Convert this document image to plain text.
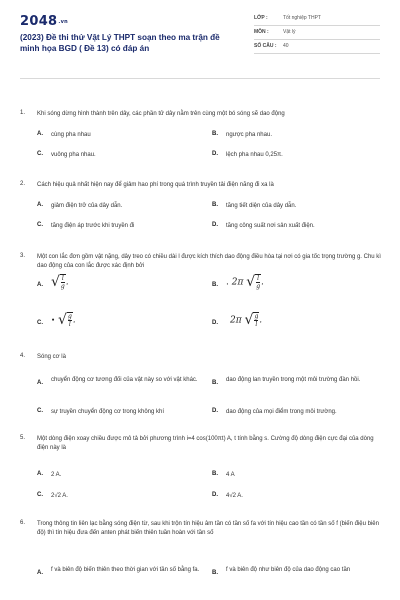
2048.vn
(2023) Đề thi thử Vật Lý THPT soạn theo ma trận đề minh họa BGD ( Đề 13) có đáp án
LỚP :	Tốt nghiệp THPT
MÔN :	Vật lý
SỐ CÂU : 40
1.	Khi sóng dừng hình thành trên dây, các phần tử dây nằm trên cùng một bó sóng sẽ dao động
A. cùng pha nhau	B. ngược pha nhau.
C. vuông pha nhau.	D. lệch pha nhau 0,25π.
2.	Cách hiệu quả nhất hiện nay để giảm hao phí trong quá trình truyền tải điện năng đi xa là
A. giảm điện trở của dây dẫn.	B. tăng tiết diện của dây dẫn.
C. tăng điện áp trước khi truyền đi	D. tăng công suất nơi sản xuất điện.
3.	Một con lắc đơn gồm vật nặng, dây treo có chiều dài l được kích thích dao động điều hòa tại nơi có gia tốc trọng trường g. Chu kì dao động của con lắc được xác định bởi
A. $√\frac{l}{g}$ .	B. . 2π $√\frac{l}{g}$ .
C. • $√\frac{g}{l}$ .	D. 2π $√\frac{g}{l}$ .
4.	Sóng cơ là
A. chuyển động cơ tương đối của vật này so với vật khác.	B. dao động lan truyền trong một môi trường đàn hồi.
C. sự truyền chuyển động cơ trong không khí	D. dao động của mọi điểm trong môi trường.
5.	Một dòng điện xoay chiều được mô tả bởi phương trình i=4 cos(100πt) A, t tính bằng s. Cường độ dòng điện cực đại của dòng điện này là
A. 2 A.	B. 4 A
C. 2√2 A.	D. 4√2 A.
6.	Trong thông tin liên lạc bằng sóng điện từ, sau khi trộn tín hiệu âm tần có tần số fa với tín hiệu cao tần có tần số f (biến điệu biên độ) thì tín hiệu đưa đến anten phát biến thiên tuần hoàn với tần số
A. f và biên độ biến thiên theo thời gian với tần số bằng fa. B. f và biên độ như biên độ của dao động cao tần
